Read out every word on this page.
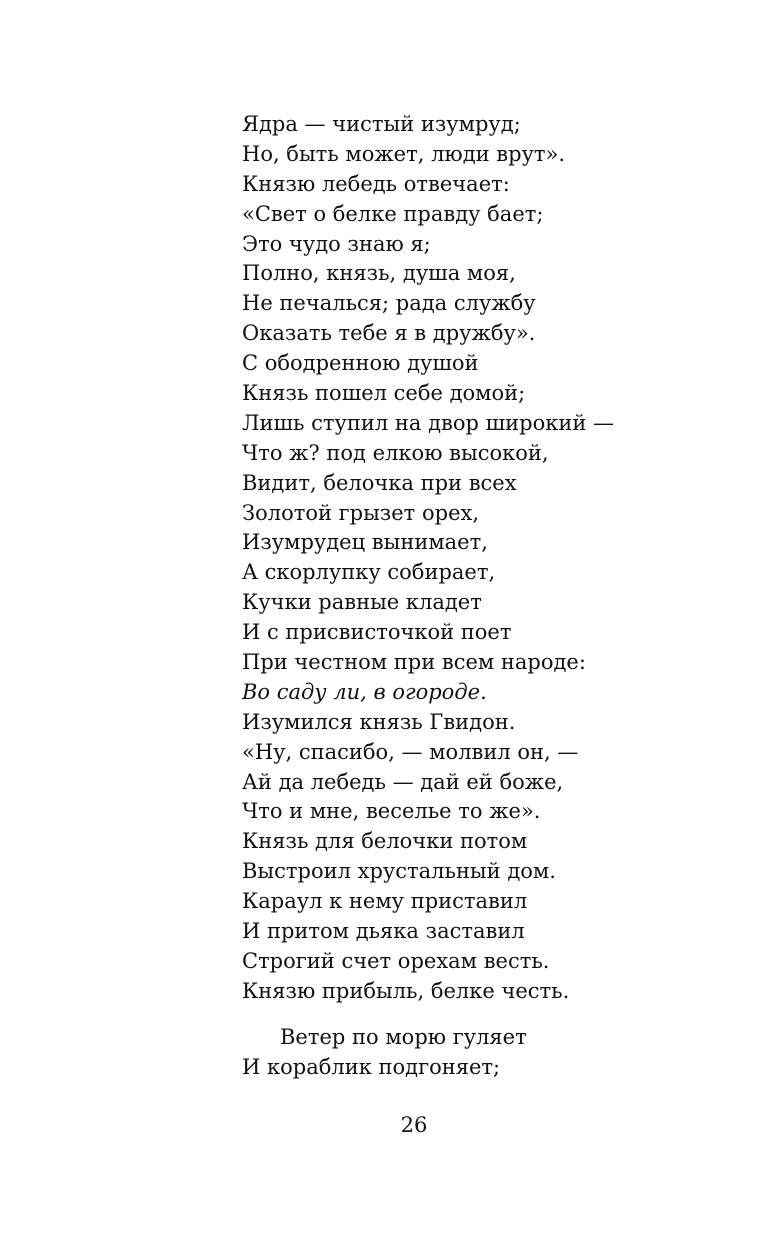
Ядра — чистый изумруд;
Но, быть может, люди врут».
Князю лебедь отвечает:
«Свет о белке правду бает;
Это чудо знаю я;
Полно, князь, душа моя,
Не печалься; рада службу
Оказать тебе я в дружбу».
С ободренною душой
Князь пошел себе домой;
Лишь ступил на двор широкий —
Что ж? под елкою высокой,
Видит, белочка при всех
Золотой грызет орех,
Изумрудец вынимает,
А скорлупку собирает,
Кучки равные кладет
И с присвисточкой поет
При честном при всем народе:
Во саду ли, в огороде.
Изумился князь Гвидон.
«Ну, спасибо, — молвил он, —
Ай да лебедь — дай ей боже,
Что и мне, веселье то же».
Князь для белочки потом
Выстроил хрустальный дом.
Караул к нему приставил
И притом дьяка заставил
Строгий счет орехам весть.
Князю прибыль, белке честь.
Ветер по морю гуляет
И кораблик подгоняет;
26
